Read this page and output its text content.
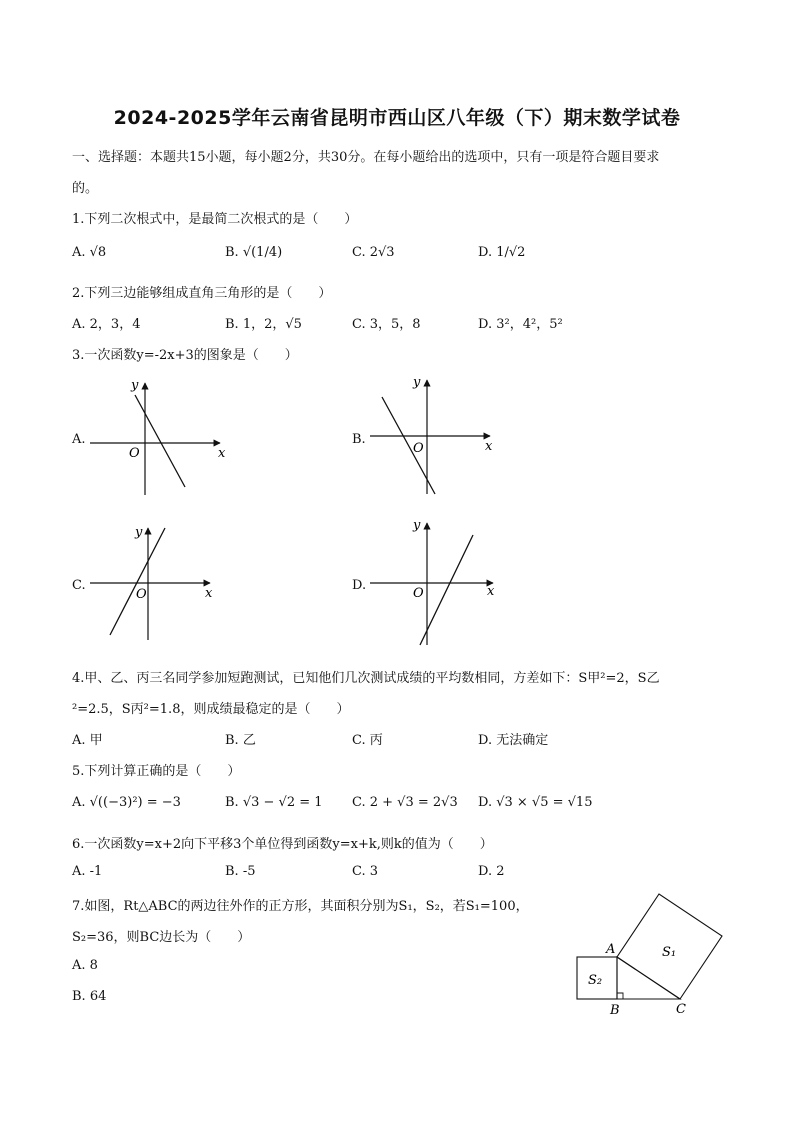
2024-2025学年云南省昆明市西山区八年级（下）期末数学试卷
一、选择题：本题共15小题，每小题2分，共30分。在每小题给出的选项中，只有一项是符合题目要求
的。
1.下列二次根式中，是最简二次根式的是（　　）
A. √8	B. √(1/4)	C. 2√3	D. 1/√2
2.下列三边能够组成直角三角形的是（　　）
A. 2，3，4	B. 1，2，√5	C. 3，5，8	D. 3²，4²，5²
3.一次函数y=-2x+3的图象是（　　）
A.
O	x
y
B.
O	x
y
C.
O	x
y
D.
O	x
y
4.甲、乙、丙三名同学参加短跑测试，已知他们几次测试成绩的平均数相同，方差如下：S甲²=2，S乙
²=2.5，S丙²=1.8，则成绩最稳定的是（　　）
A. 甲	B. 乙	C. 丙	D. 无法确定
5.下列计算正确的是（　　）
A. √((−3)²) = −3	B. √3 − √2 = 1 C. 2 + √3 = 2√3 D. √3 × √5 = √15
6.一次函数y=x+2向下平移3个单位得到函数y=x+k,则k的值为（　　）
A. -1	B. -5	C. 3	D. 2
7.如图，Rt△ABC的两边往外作的正方形，其面积分别为S₁，S₂，若S₁=100，
S₂=36，则BC边长为（　　）
A. 8
B. 64
A
B	C
S₁
S₂
